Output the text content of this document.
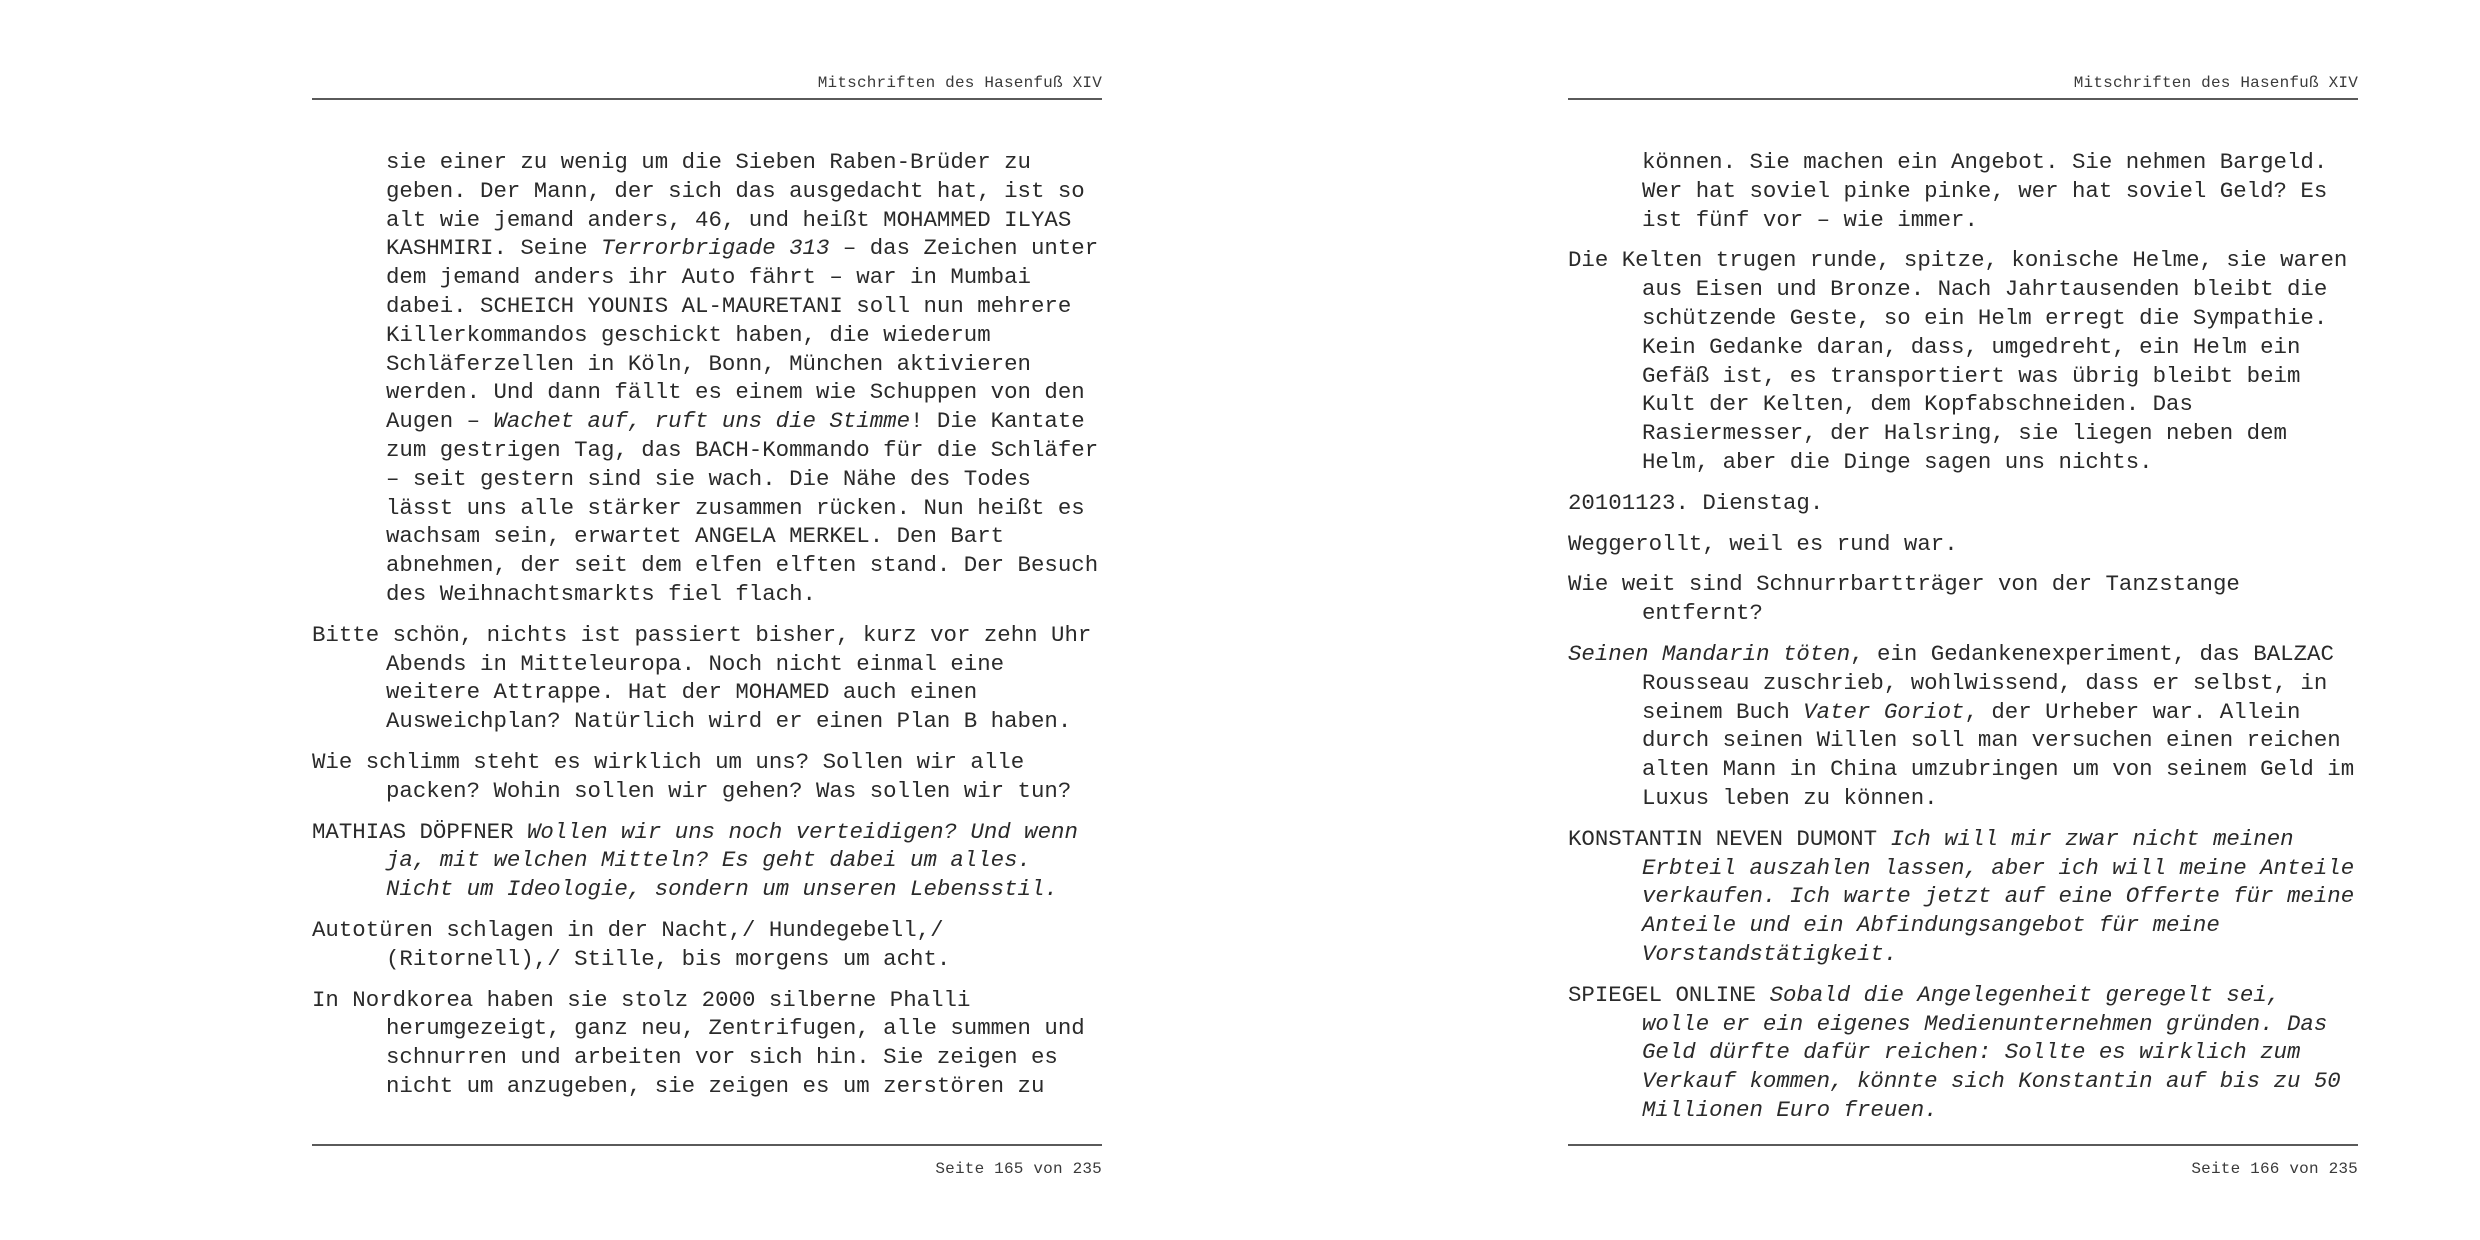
Mitschriften des Hasenfuß XIV

sie einer zu wenig um die Sieben Raben-Brüder zu geben. Der Mann, der sich das ausgedacht hat, ist so alt wie jemand anders, 46, und heißt MOHAMMED ILYAS KASHMIRI. Seine Terrorbrigade 313 – das Zeichen unter dem jemand anders ihr Auto fährt – war in Mumbai dabei. SCHEICH YOUNIS AL-MAURETANI soll nun mehrere Killerkommandos geschickt haben, die wiederum Schläferzellen in Köln, Bonn, München aktivieren werden. Und dann fällt es einem wie Schuppen von den Augen – Wachet auf, ruft uns die Stimme! Die Kantate zum gestrigen Tag, das BACH-Kommando für die Schläfer – seit gestern sind sie wach. Die Nähe des Todes lässt uns alle stärker zusammen rücken. Nun heißt es wachsam sein, erwartet ANGELA MERKEL. Den Bart abnehmen, der seit dem elfen elften stand. Der Besuch des Weihnachtsmarkts fiel flach.

Bitte schön, nichts ist passiert bisher, kurz vor zehn Uhr Abends in Mitteleuropa. Noch nicht einmal eine weitere Attrappe. Hat der MOHAMED auch einen Ausweichplan? Natürlich wird er einen Plan B haben.

Wie schlimm steht es wirklich um uns? Sollen wir alle packen? Wohin sollen wir gehen? Was sollen wir tun?

MATHIAS DÖPFNER Wollen wir uns noch verteidigen? Und wenn ja, mit welchen Mitteln? Es geht dabei um alles. Nicht um Ideologie, sondern um unseren Lebensstil.

Autotüren schlagen in der Nacht,/ Hundegebell,/ (Ritornell),/ Stille, bis morgens um acht.

In Nordkorea haben sie stolz 2000 silberne Phalli herumgezeigt, ganz neu, Zentrifugen, alle summen und schnurren und arbeiten vor sich hin. Sie zeigen es nicht um anzugeben, sie zeigen es um zerstören zu

Seite 165 von 235
Mitschriften des Hasenfuß XIV

können. Sie machen ein Angebot. Sie nehmen Bargeld. Wer hat soviel pinke pinke, wer hat soviel Geld? Es ist fünf vor – wie immer.

Die Kelten trugen runde, spitze, konische Helme, sie waren aus Eisen und Bronze. Nach Jahrtausenden bleibt die schützende Geste, so ein Helm erregt die Sympathie. Kein Gedanke daran, dass, umgedreht, ein Helm ein Gefäß ist, es transportiert was übrig bleibt beim Kult der Kelten, dem Kopfabschneiden. Das Rasiermesser, der Halsring, sie liegen neben dem Helm, aber die Dinge sagen uns nichts.

20101123. Dienstag.

Weggerollt, weil es rund war.

Wie weit sind Schnurrbartträger von der Tanzstange entfernt?

Seinen Mandarin töten, ein Gedankenexperiment, das BALZAC Rousseau zuschrieb, wohlwissend, dass er selbst, in seinem Buch Vater Goriot, der Urheber war. Allein durch seinen Willen soll man versuchen einen reichen alten Mann in China umzubringen um von seinem Geld im Luxus leben zu können.

KONSTANTIN NEVEN DUMONT Ich will mir zwar nicht meinen Erbteil auszahlen lassen, aber ich will meine Anteile verkaufen. Ich warte jetzt auf eine Offerte für meine Anteile und ein Abfindungsangebot für meine Vorstandstätigkeit.

SPIEGEL ONLINE Sobald die Angelegenheit geregelt sei, wolle er ein eigenes Medienunternehmen gründen. Das Geld dürfte dafür reichen: Sollte es wirklich zum Verkauf kommen, könnte sich Konstantin auf bis zu 50 Millionen Euro freuen.

Seite 166 von 235
